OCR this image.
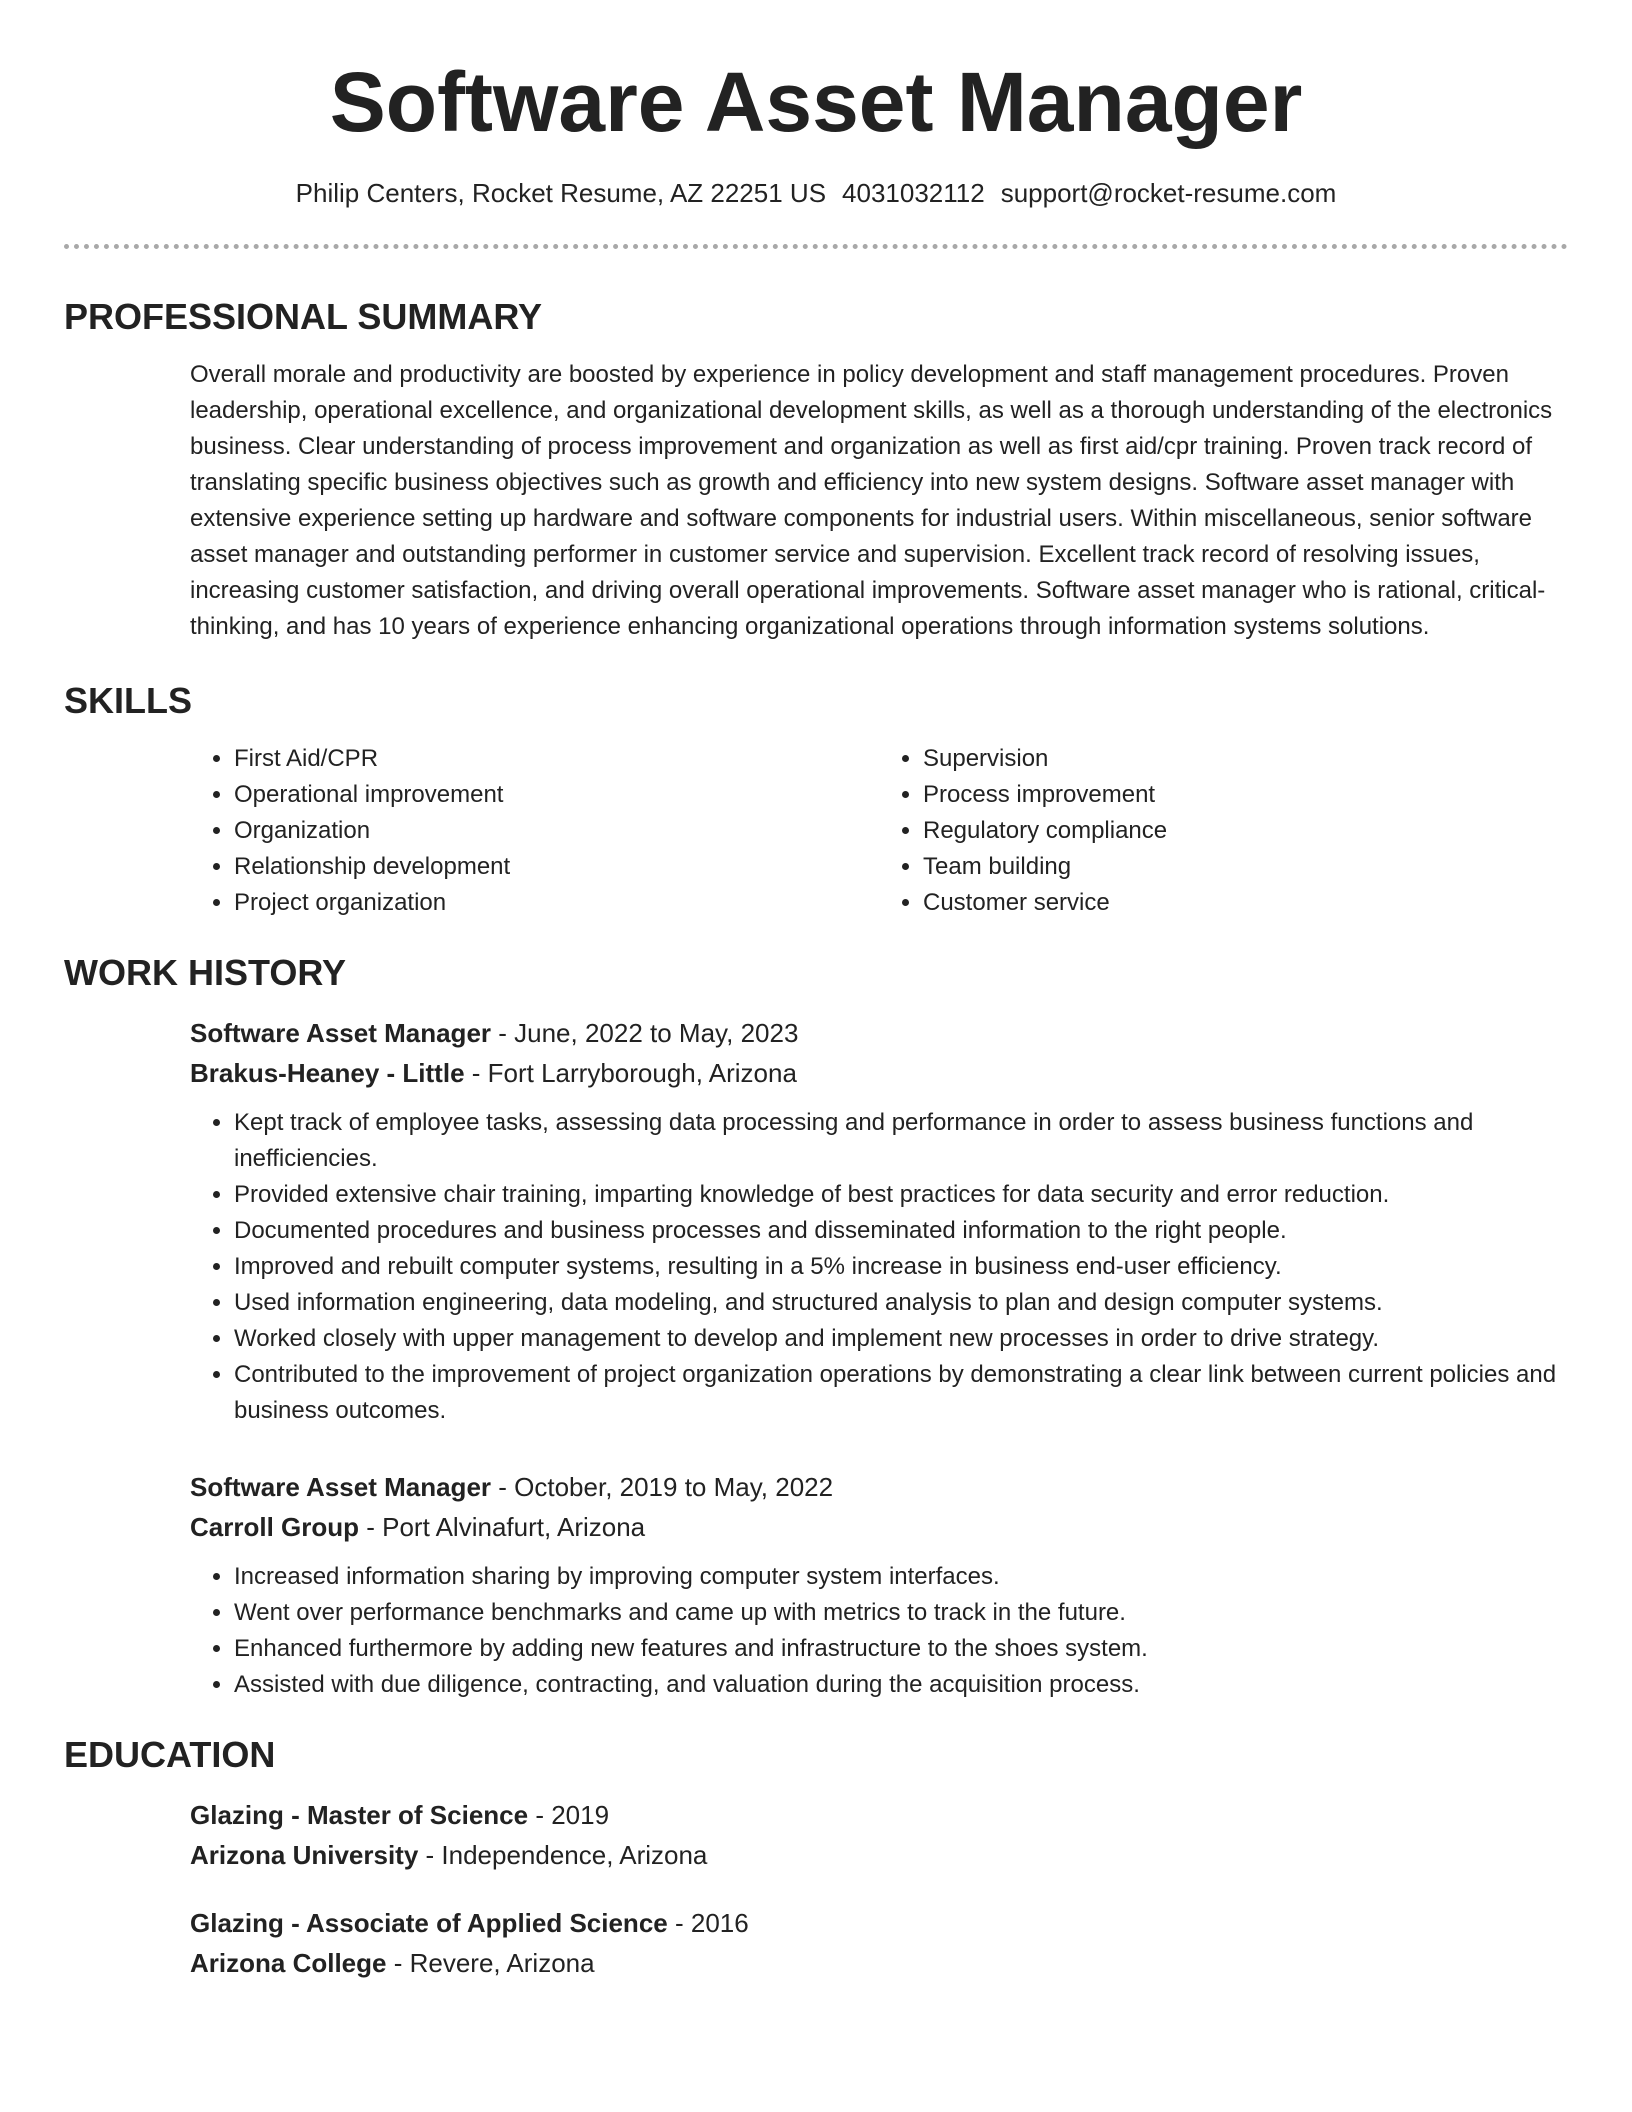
Software Asset Manager
Philip Centers, Rocket Resume, AZ 22251 US 4031032112 support@rocket-resume.com
PROFESSIONAL SUMMARY

Overall morale and productivity are boosted by experience in policy development and staff management procedures. Proven leadership, operational excellence, and organizational development skills, as well as a thorough understanding of the electronics business. Clear understanding of process improvement and organization as well as first aid/cpr training. Proven track record of translating specific business objectives such as growth and efficiency into new system designs. Software asset manager with extensive experience setting up hardware and software components for industrial users. Within miscellaneous, senior software asset manager and outstanding performer in customer service and supervision. Excellent track record of resolving issues, increasing customer satisfaction, and driving overall operational improvements. Software asset manager who is rational, critical-thinking, and has 10 years of experience enhancing organizational operations through information systems solutions.

SKILLS
• First Aid/CPR
• Operational improvement
• Organization
• Relationship development
• Project organization
• Supervision
• Process improvement
• Regulatory compliance
• Team building
• Customer service
WORK HISTORY
Software Asset Manager - June, 2022 to May, 2023
Brakus-Heaney - Little - Fort Larryborough, Arizona
• Kept track of employee tasks, assessing data processing and performance in order to assess business functions and inefficiencies.
• Provided extensive chair training, imparting knowledge of best practices for data security and error reduction.
• Documented procedures and business processes and disseminated information to the right people.
• Improved and rebuilt computer systems, resulting in a 5% increase in business end-user efficiency.
• Used information engineering, data modeling, and structured analysis to plan and design computer systems.
• Worked closely with upper management to develop and implement new processes in order to drive strategy.
• Contributed to the improvement of project organization operations by demonstrating a clear link between current policies and business outcomes.
Software Asset Manager - October, 2019 to May, 2022
Carroll Group - Port Alvinafurt, Arizona
• Increased information sharing by improving computer system interfaces.
• Went over performance benchmarks and came up with metrics to track in the future.
• Enhanced furthermore by adding new features and infrastructure to the shoes system.
• Assisted with due diligence, contracting, and valuation during the acquisition process.
EDUCATION
Glazing - Master of Science - 2019
Arizona University - Independence, Arizona
Glazing - Associate of Applied Science - 2016
Arizona College - Revere, Arizona
